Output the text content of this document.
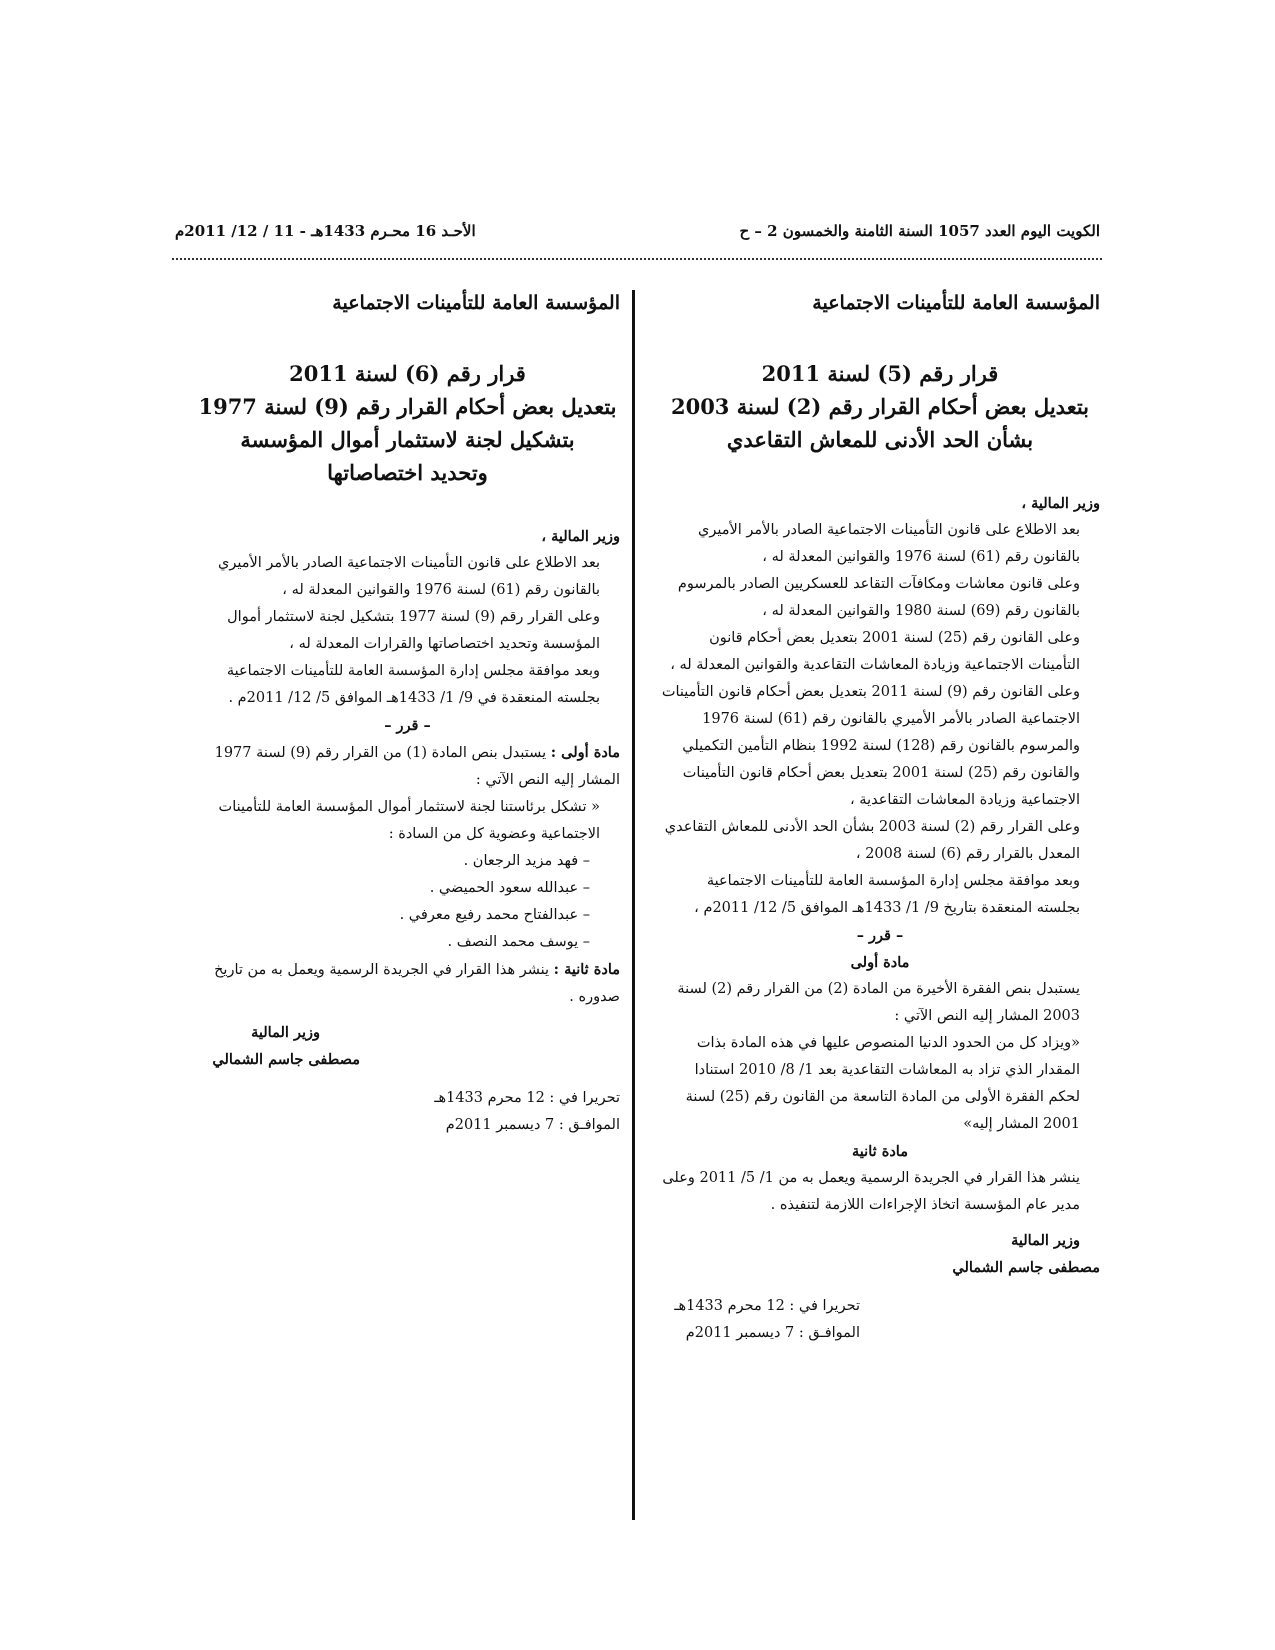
الكويت اليوم العدد 1057 السنة الثامنة والخمسون 2 – ح
الأحـد 16 محـرم 1433هـ - 11 / 12/ 2011م
المؤسسة العامة للتأمينات الاجتماعية
قرار رقم (5) لسنة 2011
بتعديل بعض أحكام القرار رقم (2) لسنة 2003
بشأن الحد الأدنى للمعاش التقاعدي

وزير المالية ،

بعد الاطلاع على قانون التأمينات الاجتماعية الصادر بالأمر الأميري بالقانون رقم (61) لسنة 1976 والقوانين المعدلة له ،

وعلى قانون معاشات ومكافآت التقاعد للعسكريين الصادر بالمرسوم بالقانون رقم (69) لسنة 1980 والقوانين المعدلة له ،

وعلى القانون رقم (25) لسنة 2001 بتعديل بعض أحكام قانون التأمينات الاجتماعية وزيادة المعاشات التقاعدية والقوانين المعدلة له ،

وعلى القانون رقم (9) لسنة 2011 بتعديل بعض أحكام قانون التأمينات الاجتماعية الصادر بالأمر الأميري بالقانون رقم (61) لسنة 1976 والمرسوم بالقانون رقم (128) لسنة 1992 بنظام التأمين التكميلي والقانون رقم (25) لسنة 2001 بتعديل بعض أحكام قانون التأمينات الاجتماعية وزيادة المعاشات التقاعدية ،

وعلى القرار رقم (2) لسنة 2003 بشأن الحد الأدنى للمعاش التقاعدي المعدل بالقرار رقم (6) لسنة 2008 ،

وبعد موافقة مجلس إدارة المؤسسة العامة للتأمينات الاجتماعية بجلسته المنعقدة بتاريخ 9/ 1/ 1433هـ الموافق 5/ 12/ 2011م ،

– قرر –

مادة أولى

يستبدل بنص الفقرة الأخيرة من المادة (2) من القرار رقم (2) لسنة 2003 المشار إليه النص الآتي :

«ويزاد كل من الحدود الدنيا المنصوص عليها في هذه المادة بذات المقدار الذي تزاد به المعاشات التقاعدية بعد 1/ 8/ 2010 استنادا لحكم الفقرة الأولى من المادة التاسعة من القانون رقم (25) لسنة 2001 المشار إليه»

مادة ثانية

ينشر هذا القرار في الجريدة الرسمية ويعمل به من 1/ 5/ 2011 وعلى مدير عام المؤسسة اتخاذ الإجراءات اللازمة لتنفيذه .

وزير المالية
مصطفى جاسم الشمالي
تحريرا في : 12 محرم 1433هـ
الموافـق : 7 ديسمبر 2011م
المؤسسة العامة للتأمينات الاجتماعية
قرار رقم (6) لسنة 2011
بتعديل بعض أحكام القرار رقم (9) لسنة 1977
بتشكيل لجنة لاستثمار أموال المؤسسة
وتحديد اختصاصاتها

وزير المالية ،

بعد الاطلاع على قانون التأمينات الاجتماعية الصادر بالأمر الأميري بالقانون رقم (61) لسنة 1976 والقوانين المعدلة له ،

وعلى القرار رقم (9) لسنة 1977 بتشكيل لجنة لاستثمار أموال المؤسسة وتحديد اختصاصاتها والقرارات المعدلة له ،

وبعد موافقة مجلس إدارة المؤسسة العامة للتأمينات الاجتماعية بجلسته المنعقدة في 9/ 1/ 1433هـ الموافق 5/ 12/ 2011م .

– قرر –

مادة أولى : يستبدل بنص المادة (1) من القرار رقم (9) لسنة 1977 المشار إليه النص الآتي :

« تشكل برئاستنا لجنة لاستثمار أموال المؤسسة العامة للتأمينات الاجتماعية وعضوية كل من السادة :

– فهد مزيد الرجعان .

– عبدالله سعود الحميضي .

– عبدالفتاح محمد رفيع معرفي .

– يوسف محمد النصف .

مادة ثانية : ينشر هذا القرار في الجريدة الرسمية ويعمل به من تاريخ صدوره .

وزير المالية
مصطفى جاسم الشمالي
تحريرا في : 12 محرم 1433هـ
الموافـق : 7 ديسمبر 2011م
